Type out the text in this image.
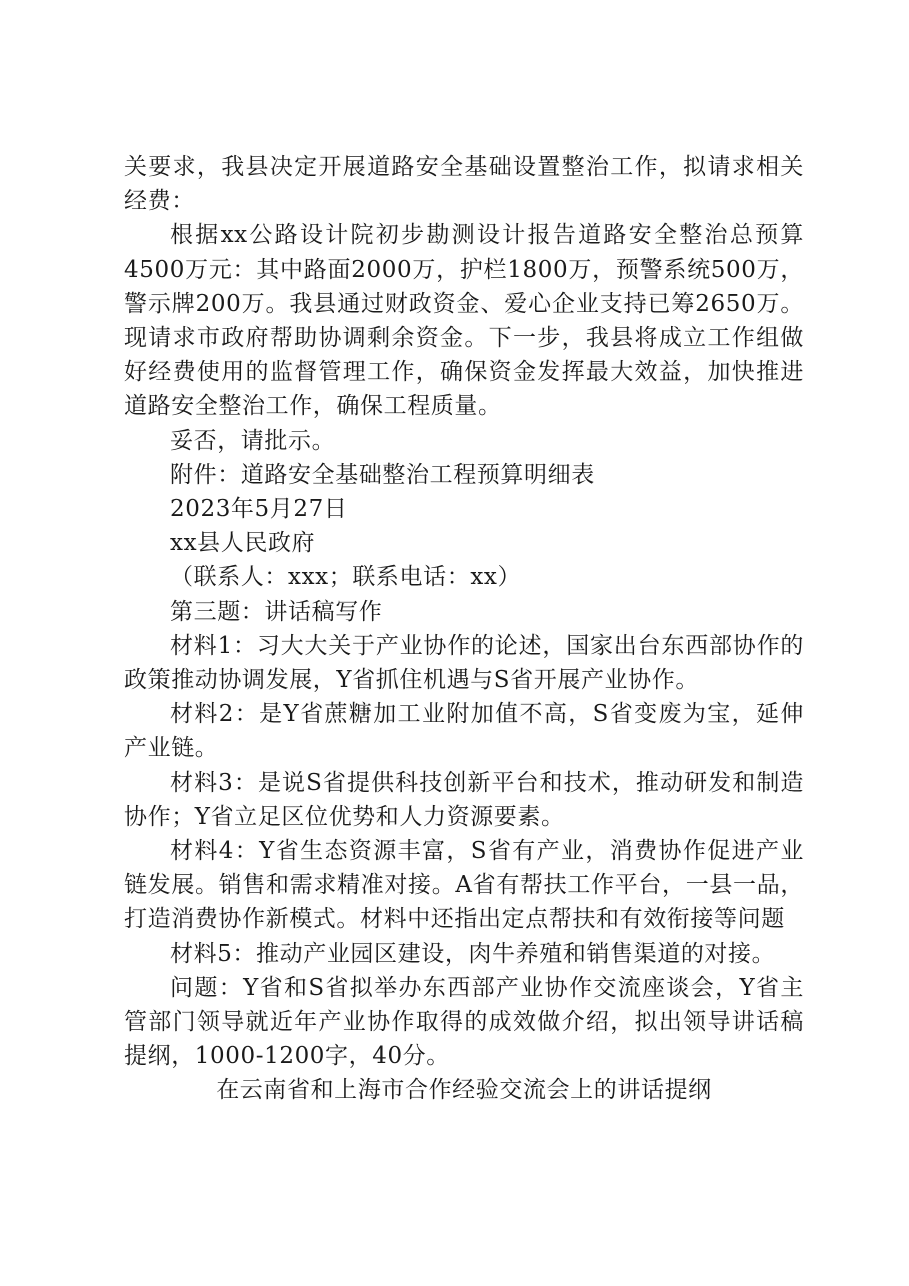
关要求，我县决定开展道路安全基础设置整治工作，拟请求相关经费：

根据xx公路设计院初步勘测设计报告道路安全整治总预算4500万元：其中路面2000万，护栏1800万，预警系统500万，警示牌200万。我县通过财政资金、爱心企业支持已筹2650万。现请求市政府帮助协调剩余资金。下一步，我县将成立工作组做好经费使用的监督管理工作，确保资金发挥最大效益，加快推进道路安全整治工作，确保工程质量。

妥否，请批示。

附件：道路安全基础整治工程预算明细表

2023年5月27日

xx县人民政府

（联系人：xxx；联系电话：xx）

第三题：讲话稿写作

材料1：习大大关于产业协作的论述，国家出台东西部协作的政策推动协调发展，Y省抓住机遇与S省开展产业协作。

材料2：是Y省蔗糖加工业附加值不高，S省变废为宝，延伸产业链。

材料3：是说S省提供科技创新平台和技术，推动研发和制造协作；Y省立足区位优势和人力资源要素。

材料4：Y省生态资源丰富，S省有产业，消费协作促进产业链发展。销售和需求精准对接。A省有帮扶工作平台，一县一品，打造消费协作新模式。材料中还指出定点帮扶和有效衔接等问题

材料5：推动产业园区建设，肉牛养殖和销售渠道的对接。

问题：Y省和S省拟举办东西部产业协作交流座谈会，Y省主管部门领导就近年产业协作取得的成效做介绍，拟出领导讲话稿提纲，1000-1200字，40分。

在云南省和上海市合作经验交流会上的讲话提纲
